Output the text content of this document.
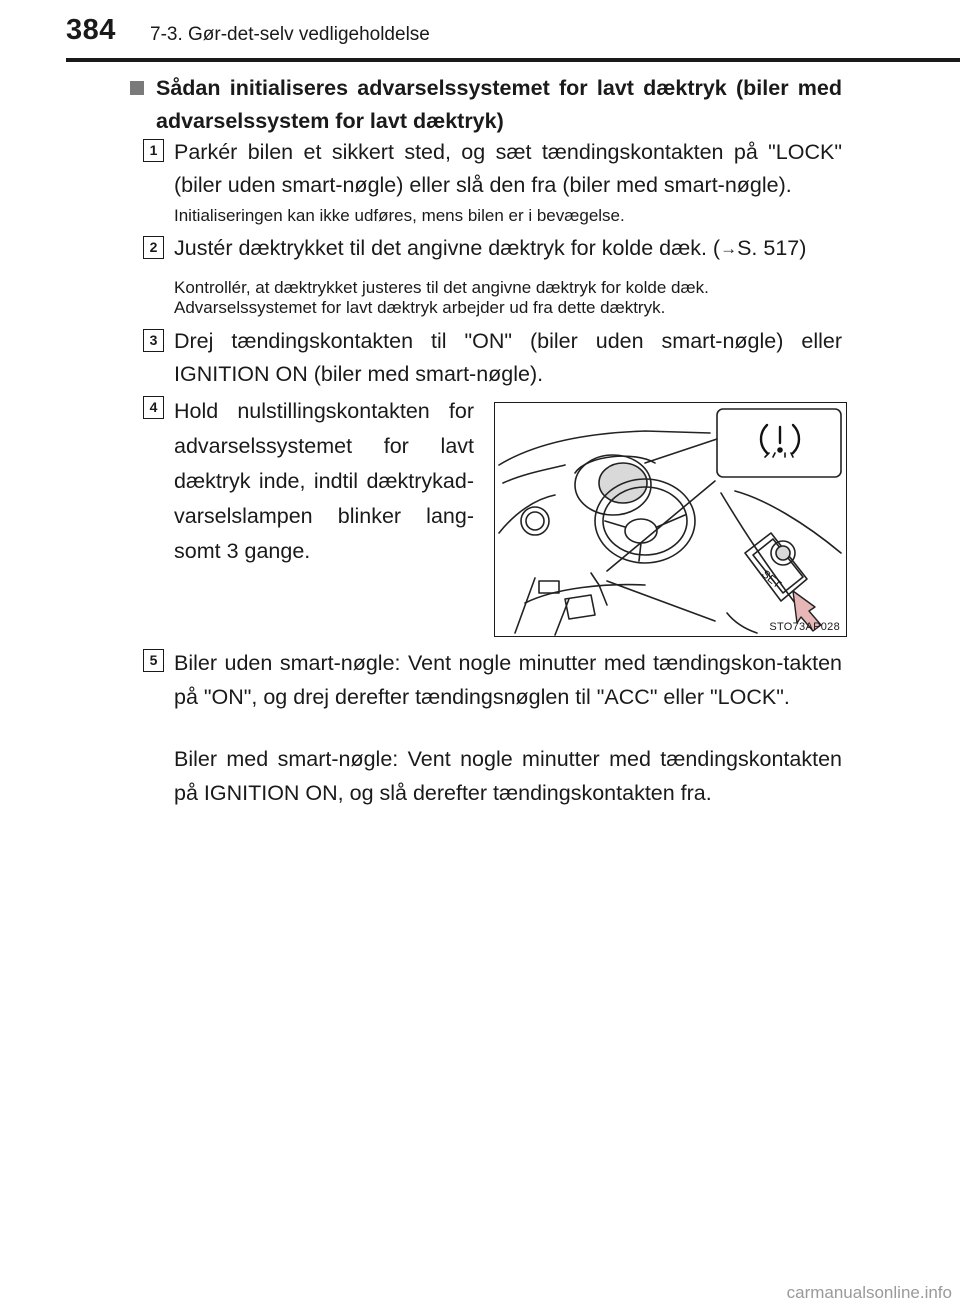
384 7-3. Gør-det-selv vedligeholdelse
Sådan initialiseres advarselssystemet for lavt dæktryk (biler med advarselssystem for lavt dæktryk)
1 Parkér bilen et sikkert sted, og sæt tændingskontakten på "LOCK" (biler uden smart-nøgle) eller slå den fra (biler med smart-nøgle).
Initialiseringen kan ikke udføres, mens bilen er i bevægelse.
2 Justér dæktrykket til det angivne dæktryk for kolde dæk. (→S. 517)
Kontrollér, at dæktrykket justeres til det angivne dæktryk for kolde dæk. Advarselssystemet for lavt dæktryk arbejder ud fra dette dæktryk.
3 Drej tændingskontakten til "ON" (biler uden smart-nøgle) eller IGNITION ON (biler med smart-nøgle).
4 Hold nulstillingskontakten for advarselssystemet for lavt dæktryk inde, indtil dæktrykad-varselslampen blinker lang-somt 3 gange.
SET
STO73AP028
5 Biler uden smart-nøgle: Vent nogle minutter med tændingskon-takten på "ON", og drej derefter tændingsnøglen til "ACC" eller "LOCK".
Biler med smart-nøgle: Vent nogle minutter med tændingskontakten på IGNITION ON, og slå derefter tændingskontakten fra.
carmanualsonline.info
